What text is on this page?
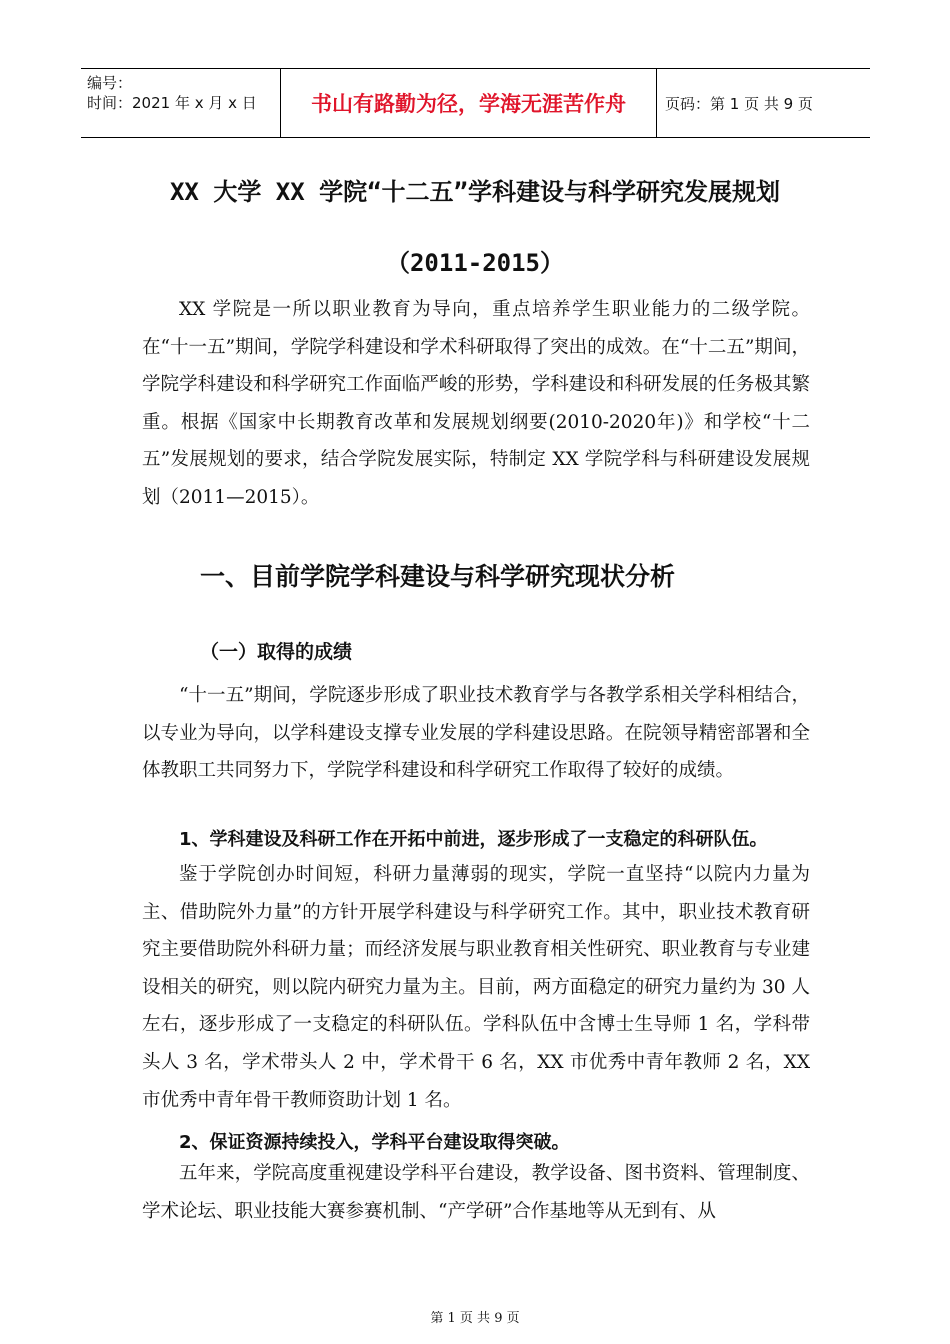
编号：
时间：2021 年 x 月 x 日	书山有路勤为径，学海无涯苦作舟	页码：第 1 页 共 9 页
XX 大学 XX 学院“十二五”学科建设与科学研究发展规划
（2011-2015）

XX 学院是一所以职业教育为导向，重点培养学生职业能力的二级学院。在“十一五”期间，学院学科建设和学术科研取得了突出的成效。在“十二五”期间，学院学科建设和科学研究工作面临严峻的形势，学科建设和科研发展的任务极其繁重。根据《国家中长期教育改革和发展规划纲要(2010-2020年)》和学校“十二五”发展规划的要求，结合学院发展实际，特制定 XX 学院学科与科研建设发展规划（2011—2015）。

一、目前学院学科建设与科学研究现状分析
（一）取得的成绩

“十一五”期间，学院逐步形成了职业技术教育学与各教学系相关学科相结合，以专业为导向，以学科建设支撑专业发展的学科建设思路。在院领导精密部署和全体教职工共同努力下，学院学科建设和科学研究工作取得了较好的成绩。

1、学科建设及科研工作在开拓中前进，逐步形成了一支稳定的科研队伍。

鉴于学院创办时间短，科研力量薄弱的现实，学院一直坚持“以院内力量为主、借助院外力量”的方针开展学科建设与科学研究工作。其中，职业技术教育研究主要借助院外科研力量；而经济发展与职业教育相关性研究、职业教育与专业建设相关的研究，则以院内研究力量为主。目前，两方面稳定的研究力量约为 30 人左右，逐步形成了一支稳定的科研队伍。学科队伍中含博士生导师 1 名，学科带头人 3 名，学术带头人 2 中，学术骨干 6 名，XX 市优秀中青年教师 2 名，XX 市优秀中青年骨干教师资助计划 1 名。

2、保证资源持续投入，学科平台建设取得突破。

五年来，学院高度重视建设学科平台建设，教学设备、图书资料、管理制度、学术论坛、职业技能大赛参赛机制、“产学研”合作基地等从无到有、从

第 1 页 共 9 页
